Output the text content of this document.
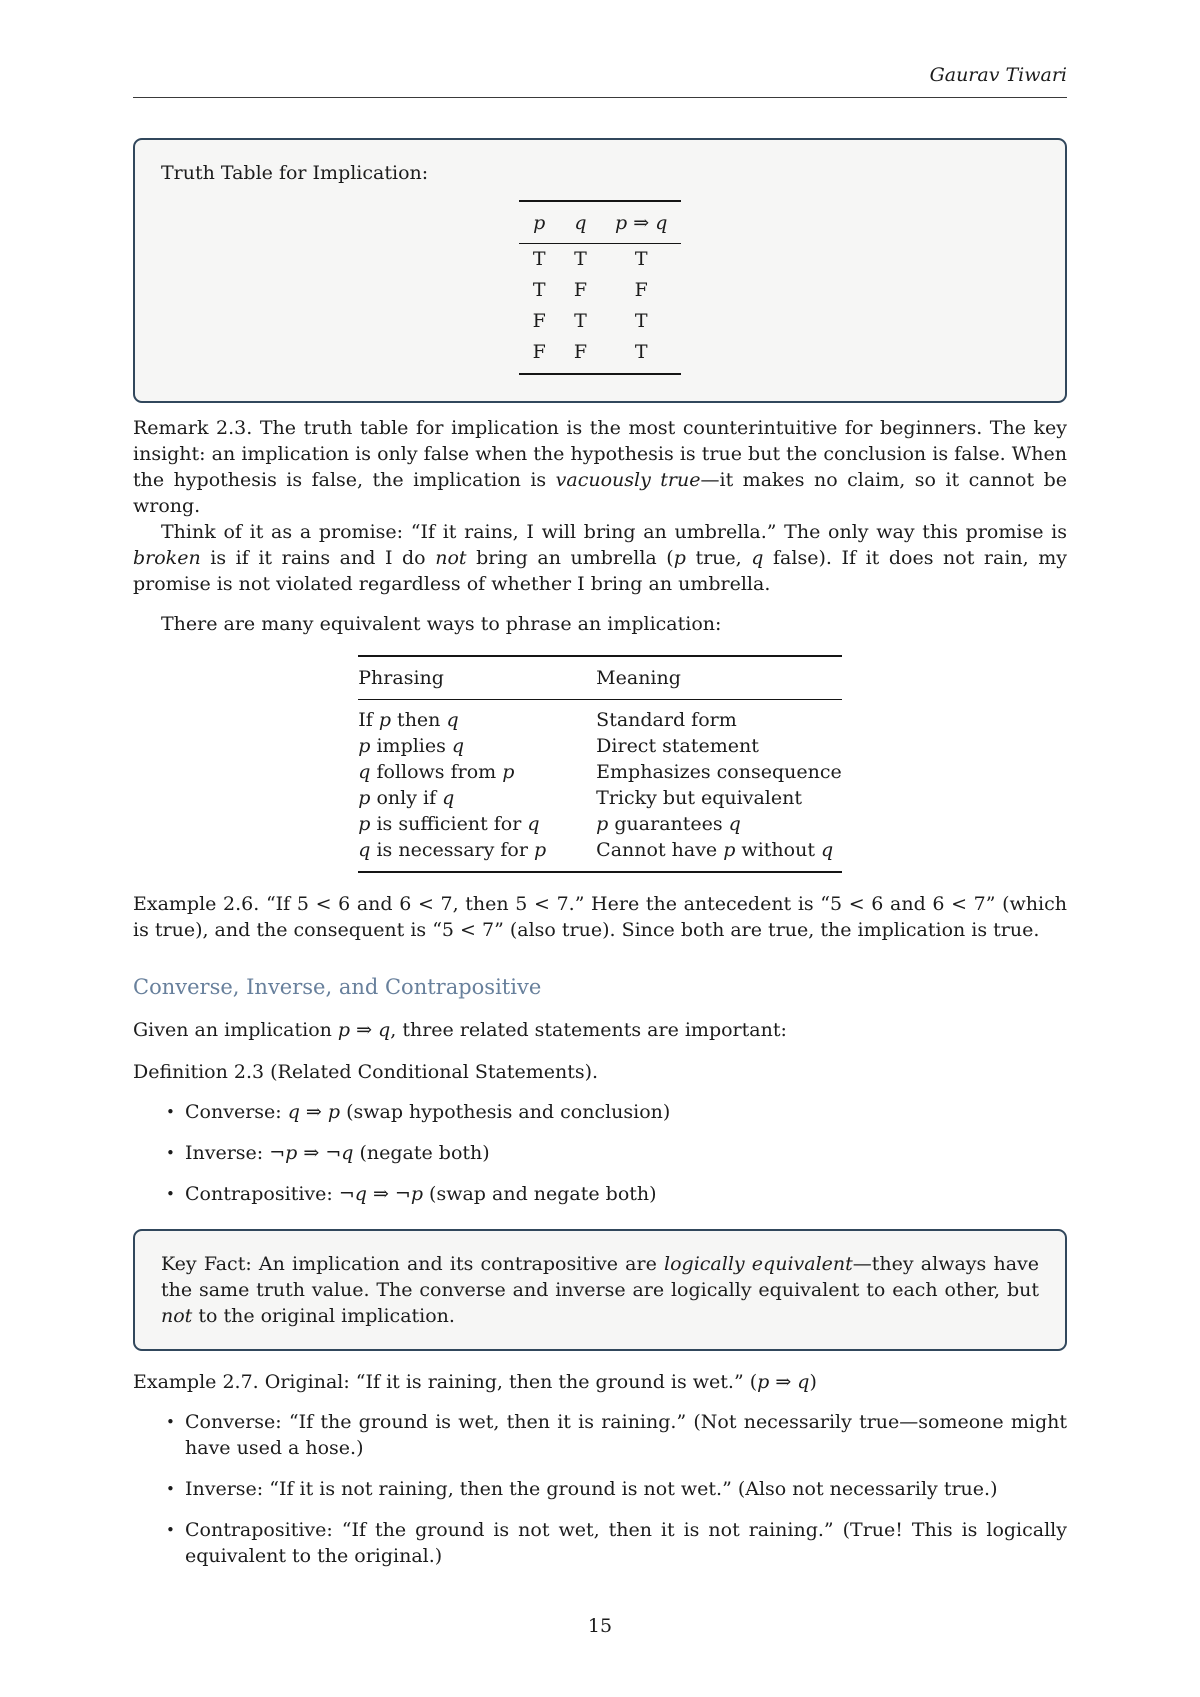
Gaurav Tiwari

Truth Table for Implication:

p	q	p ⇒ q
T	T	T
T	F	F
F	T	T
F	F	T

Remark 2.3. The truth table for implication is the most counterintuitive for beginners. The key insight: an implication is only false when the hypothesis is true but the conclusion is false. When the hypothesis is false, the implication is vacuously true—it makes no claim, so it cannot be wrong.

Think of it as a promise: “If it rains, I will bring an umbrella.” The only way this promise is broken is if it rains and I do not bring an umbrella (p true, q false). If it does not rain, my promise is not violated regardless of whether I bring an umbrella.

There are many equivalent ways to phrase an implication:

Phrasing	Meaning
If p then q	Standard form
p implies q	Direct statement
q follows from p	Emphasizes consequence
p only if q	Tricky but equivalent
p is sufficient for q	p guarantees q
q is necessary for p	Cannot have p without q

Example 2.6. “If 5 < 6 and 6 < 7, then 5 < 7.” Here the antecedent is “5 < 6 and 6 < 7” (which is true), and the consequent is “5 < 7” (also true). Since both are true, the implication is true.

Converse, Inverse, and Contrapositive

Given an implication p ⇒ q, three related statements are important:

Definition 2.3 (Related Conditional Statements).

• Converse: q ⇒ p (swap hypothesis and conclusion)
• Inverse: ¬p ⇒ ¬q (negate both)
• Contrapositive: ¬q ⇒ ¬p (swap and negate both)

Key Fact: An implication and its contrapositive are logically equivalent—they always have the same truth value. The converse and inverse are logically equivalent to each other, but not to the original implication.

Example 2.7. Original: “If it is raining, then the ground is wet.” (p ⇒ q)

• Converse: “If the ground is wet, then it is raining.” (Not necessarily true—someone might have used a hose.)
• Inverse: “If it is not raining, then the ground is not wet.” (Also not necessarily true.)
• Contrapositive: “If the ground is not wet, then it is not raining.” (True! This is logically equivalent to the original.)
15
